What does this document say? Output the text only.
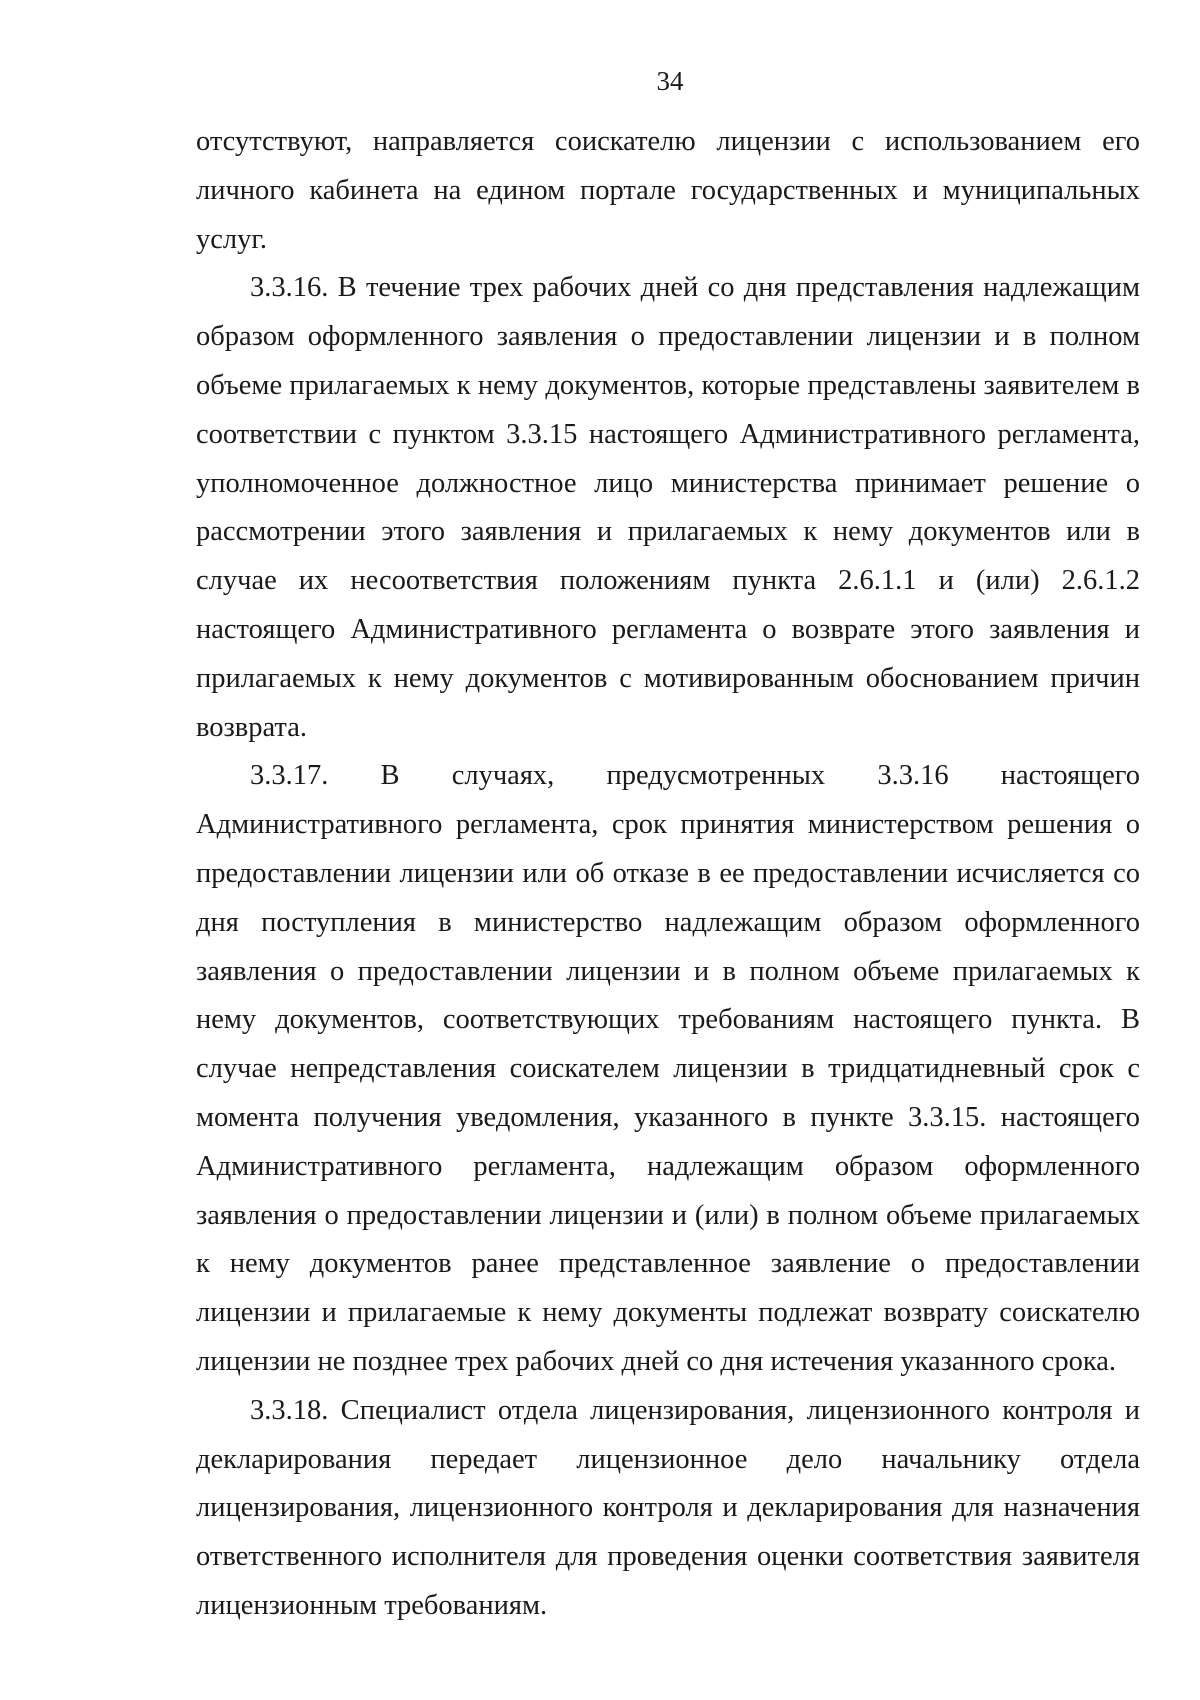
34

отсутствуют, направляется соискателю лицензии с использованием его личного кабинета на едином портале государственных и муниципальных услуг.

3.3.16. В течение трех рабочих дней со дня представления надлежащим образом оформленного заявления о предоставлении лицензии и в полном объеме прилагаемых к нему документов, которые представлены заявителем в соответствии с пунктом 3.3.15 настоящего Административного регламента, уполномоченное должностное лицо министерства принимает решение о рассмотрении этого заявления и прилагаемых к нему документов или в случае их несоответствия положениям пункта 2.6.1.1 и (или) 2.6.1.2 настоящего Административного регламента о возврате этого заявления и прилагаемых к нему документов с мотивированным обоснованием причин возврата.

3.3.17. В случаях, предусмотренных 3.3.16 настоящего Административного регламента, срок принятия министерством решения о предоставлении лицензии или об отказе в ее предоставлении исчисляется со дня поступления в министерство надлежащим образом оформленного заявления о предоставлении лицензии и в полном объеме прилагаемых к нему документов, соответствующих требованиям настоящего пункта. В случае непредставления соискателем лицензии в тридцатидневный срок с момента получения уведомления, указанного в пункте 3.3.15. настоящего Административного регламента, надлежащим образом оформленного заявления о предоставлении лицензии и (или) в полном объеме прилагаемых к нему документов ранее представленное заявление о предоставлении лицензии и прилагаемые к нему документы подлежат возврату соискателю лицензии не позднее трех рабочих дней со дня истечения указанного срока.

3.3.18. Специалист отдела лицензирования, лицензионного контроля и декларирования передает лицензионное дело начальнику отдела лицензирования, лицензионного контроля и декларирования для назначения ответственного исполнителя для проведения оценки соответствия заявителя лицензионным требованиям.
